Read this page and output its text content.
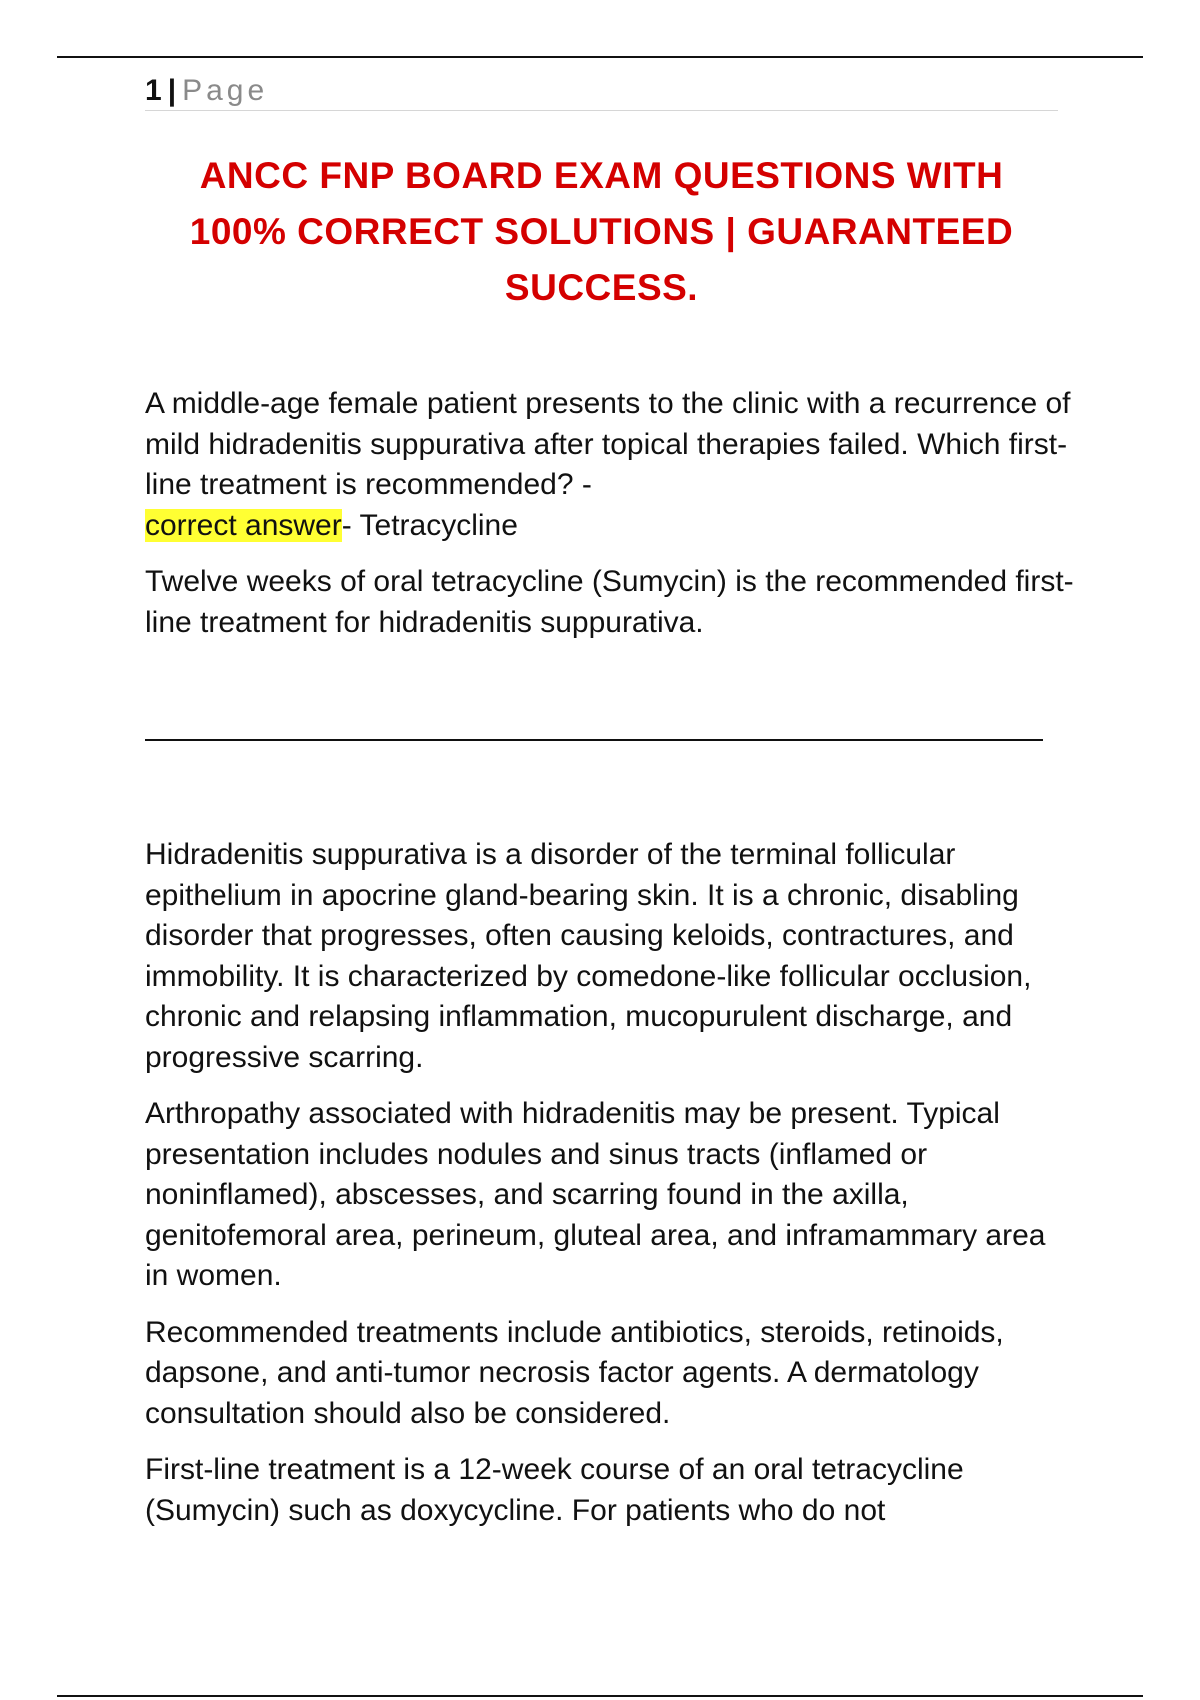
1 | Page
ANCC FNP BOARD EXAM QUESTIONS WITH
100% CORRECT SOLUTIONS | GUARANTEED
SUCCESS.

A middle-age female patient presents to the clinic with a recurrence of mild hidradenitis suppurativa after topical therapies failed. Which first-line treatment is recommended? -
correct answer- Tetracycline

Twelve weeks of oral tetracycline (Sumycin) is the recommended first-line treatment for hidradenitis suppurativa.

Hidradenitis suppurativa is a disorder of the terminal follicular epithelium in apocrine gland-bearing skin. It is a chronic, disabling disorder that progresses, often causing keloids, contractures, and immobility. It is characterized by comedone-like follicular occlusion, chronic and relapsing inflammation, mucopurulent discharge, and progressive scarring.

Arthropathy associated with hidradenitis may be present. Typical presentation includes nodules and sinus tracts (inflamed or noninflamed), abscesses, and scarring found in the axilla, genitofemoral area, perineum, gluteal area, and inframammary area in women.

Recommended treatments include antibiotics, steroids, retinoids, dapsone, and anti-tumor necrosis factor agents. A dermatology consultation should also be considered.

First-line treatment is a 12-week course of an oral tetracycline (Sumycin) such as doxycycline. For patients who do not
